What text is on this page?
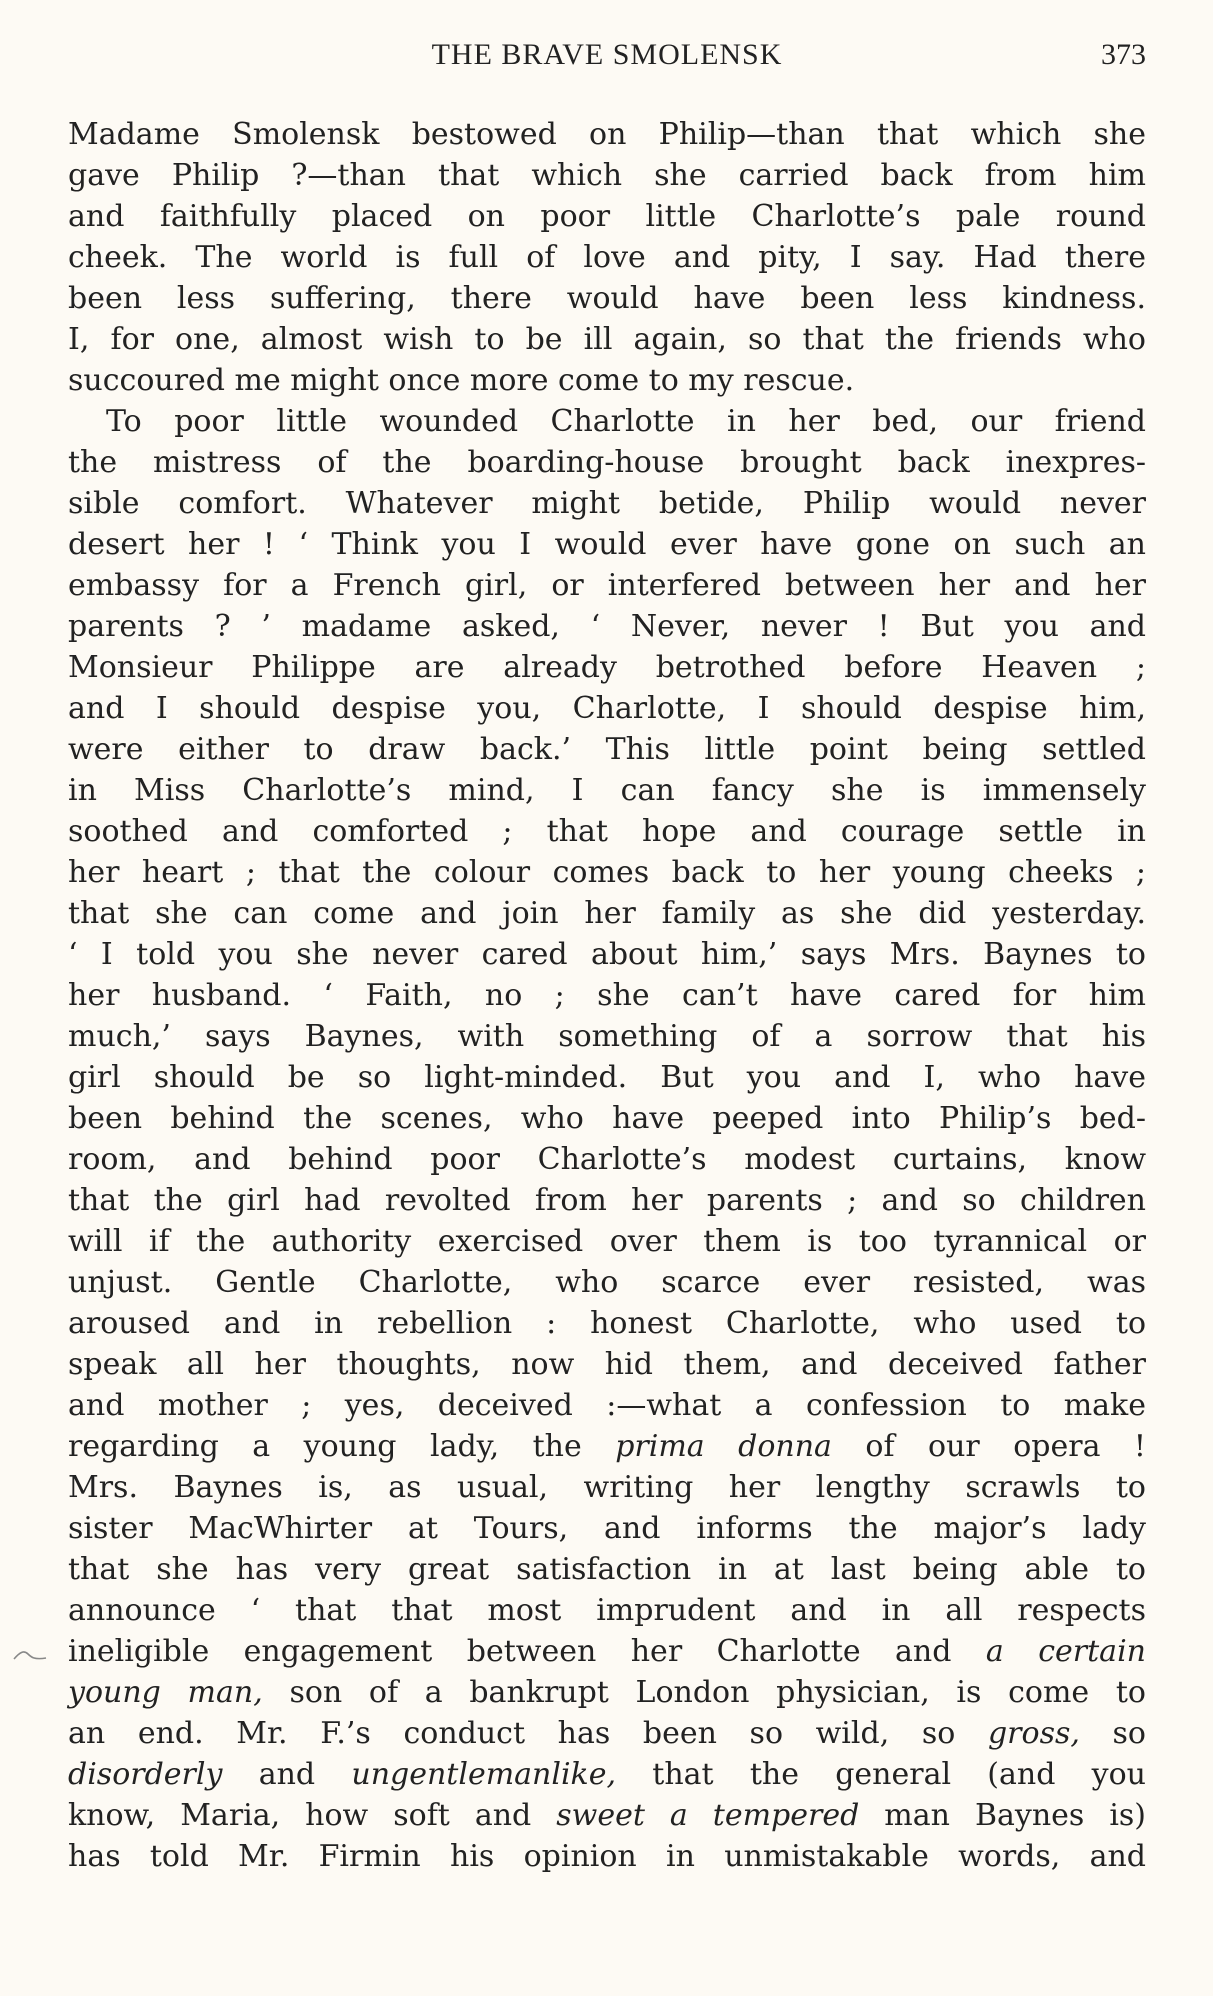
THE BRAVE SMOLENSK	373
Madame Smolensk bestowed on Philip—than that which she
gave Philip ?—than that which she carried back from him
and faithfully placed on poor little Charlotte’s pale round
cheek. The world is full of love and pity, I say. Had there
been less suffering, there would have been less kindness.
I, for one, almost wish to be ill again, so that the friends who
succoured me might once more come to my rescue.
To poor little wounded Charlotte in her bed, our friend
the mistress of the boarding-house brought back inexpres-
sible comfort. Whatever might betide, Philip would never
desert her ! ‘ Think you I would ever have gone on such an
embassy for a French girl, or interfered between her and her
parents ? ’ madame asked, ‘ Never, never ! But you and
Monsieur Philippe are already betrothed before Heaven ;
and I should despise you, Charlotte, I should despise him,
were either to draw back.’ This little point being settled
in Miss Charlotte’s mind, I can fancy she is immensely
soothed and comforted ; that hope and courage settle in
her heart ; that the colour comes back to her young cheeks ;
that she can come and join her family as she did yesterday.
‘ I told you she never cared about him,’ says Mrs. Baynes to
her husband. ‘ Faith, no ; she can’t have cared for him
much,’ says Baynes, with something of a sorrow that his
girl should be so light-minded. But you and I, who have
been behind the scenes, who have peeped into Philip’s bed-
room, and behind poor Charlotte’s modest curtains, know
that the girl had revolted from her parents ; and so children
will if the authority exercised over them is too tyrannical or
unjust. Gentle Charlotte, who scarce ever resisted, was
aroused and in rebellion : honest Charlotte, who used to
speak all her thoughts, now hid them, and deceived father
and mother ; yes, deceived :—what a confession to make
regarding a young lady, the prima donna of our opera !
Mrs. Baynes is, as usual, writing her lengthy scrawls to
sister MacWhirter at Tours, and informs the major’s lady
that she has very great satisfaction in at last being able to
announce ‘ that that most imprudent and in all respects
ineligible engagement between her Charlotte and a certain
young man, son of a bankrupt London physician, is come to
an end. Mr. F.’s conduct has been so wild, so gross, so
disorderly and ungentlemanlike, that the general (and you
know, Maria, how soft and sweet a tempered man Baynes is)
has told Mr. Firmin his opinion in unmistakable words, and
